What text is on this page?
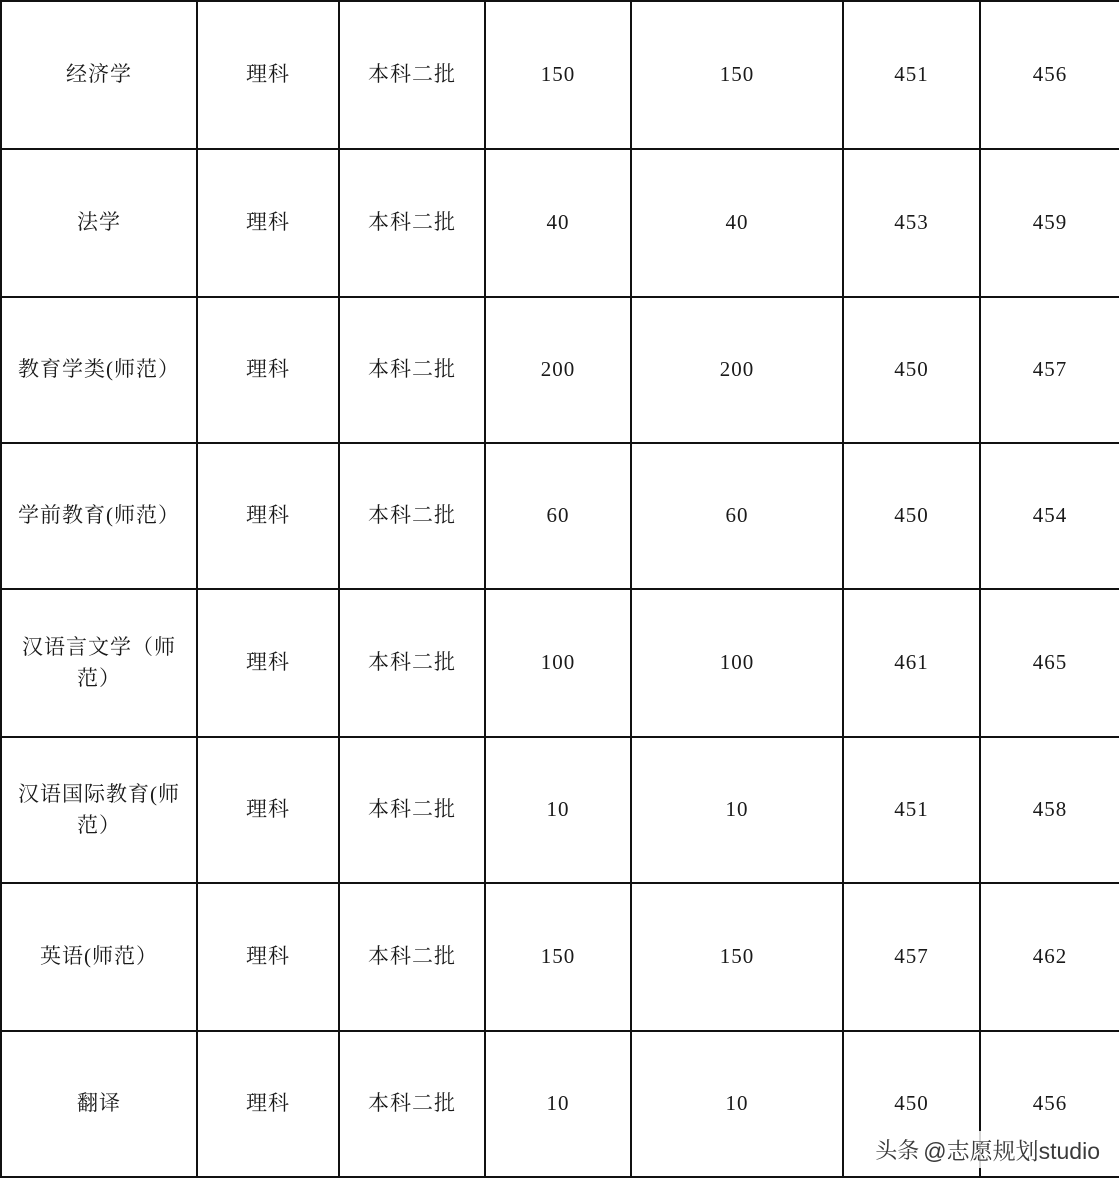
经济学	理科	本科二批	150	150	451	456
法学	理科	本科二批	40	40	453	459
教育学类(师范）	理科	本科二批	200	200	450	457
学前教育(师范）	理科	本科二批	60	60	450	454
汉语言文学（师范）	理科	本科二批	100	100	461	465
汉语国际教育(师范）	理科	本科二批	10	10	451	458
英语(师范）	理科	本科二批	150	150	457	462
翻译	理科	本科二批	10	10	450	456
头条 @志愿规划studio
